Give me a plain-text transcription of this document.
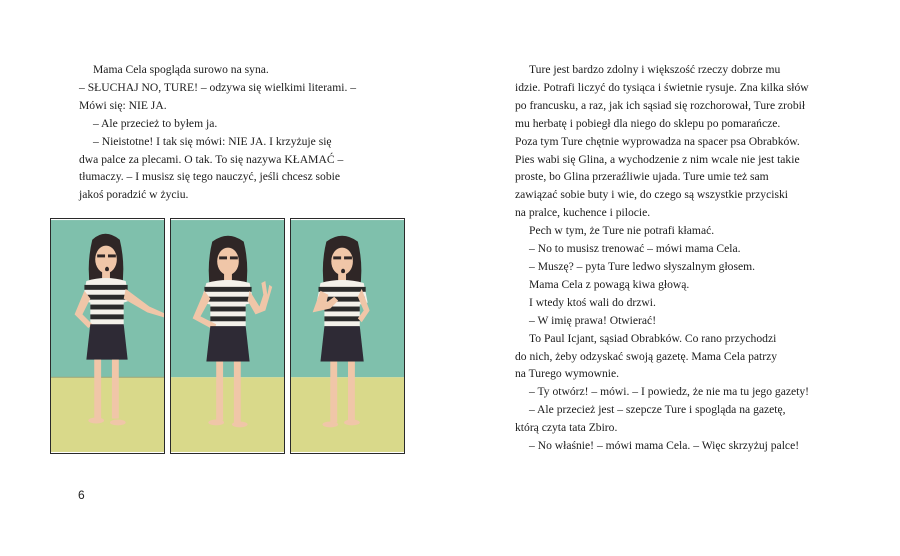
Mama Cela spogląda surowo na syna.

– SŁUCHAJ NO, TURE! – odzywa się wielkimi literami. –

Mówi się: NIE JA.

– Ale przecież to byłem ja.

– Nieistotne! I tak się mówi: NIE JA. I krzyżuje się

dwa palce za plecami. O tak. To się nazywa KŁAMAĆ –

tłumaczy. – I musisz się tego nauczyć, jeśli chcesz sobie

jakoś poradzić w życiu.

6

Ture jest bardzo zdolny i większość rzeczy dobrze mu

idzie. Potrafi liczyć do tysiąca i świetnie rysuje. Zna kilka słów

po francusku, a raz, jak ich sąsiad się rozchorował, Ture zrobił

mu herbatę i pobiegł dla niego do sklepu po pomarańcze.

Poza tym Ture chętnie wyprowadza na spacer psa Obrabków.

Pies wabi się Glina, a wychodzenie z nim wcale nie jest takie

proste, bo Glina przeraźliwie ujada. Ture umie też sam

zawiązać sobie buty i wie, do czego są wszystkie przyciski

na pralce, kuchence i pilocie.

Pech w tym, że Ture nie potrafi kłamać.

– No to musisz trenować – mówi mama Cela.

– Muszę? – pyta Ture ledwo słyszalnym głosem.

Mama Cela z powagą kiwa głową.

I wtedy ktoś wali do drzwi.

– W imię prawa! Otwierać!

To Paul Icjant, sąsiad Obrabków. Co rano przychodzi

do nich, żeby odzyskać swoją gazetę. Mama Cela patrzy

na Turego wymownie.

– Ty otwórz! – mówi. – I powiedz, że nie ma tu jego gazety!

– Ale przecież jest – szepcze Ture i spogląda na gazetę,

którą czyta tata Zbiro.

– No właśnie! – mówi mama Cela. – Więc skrzyżuj palce!
